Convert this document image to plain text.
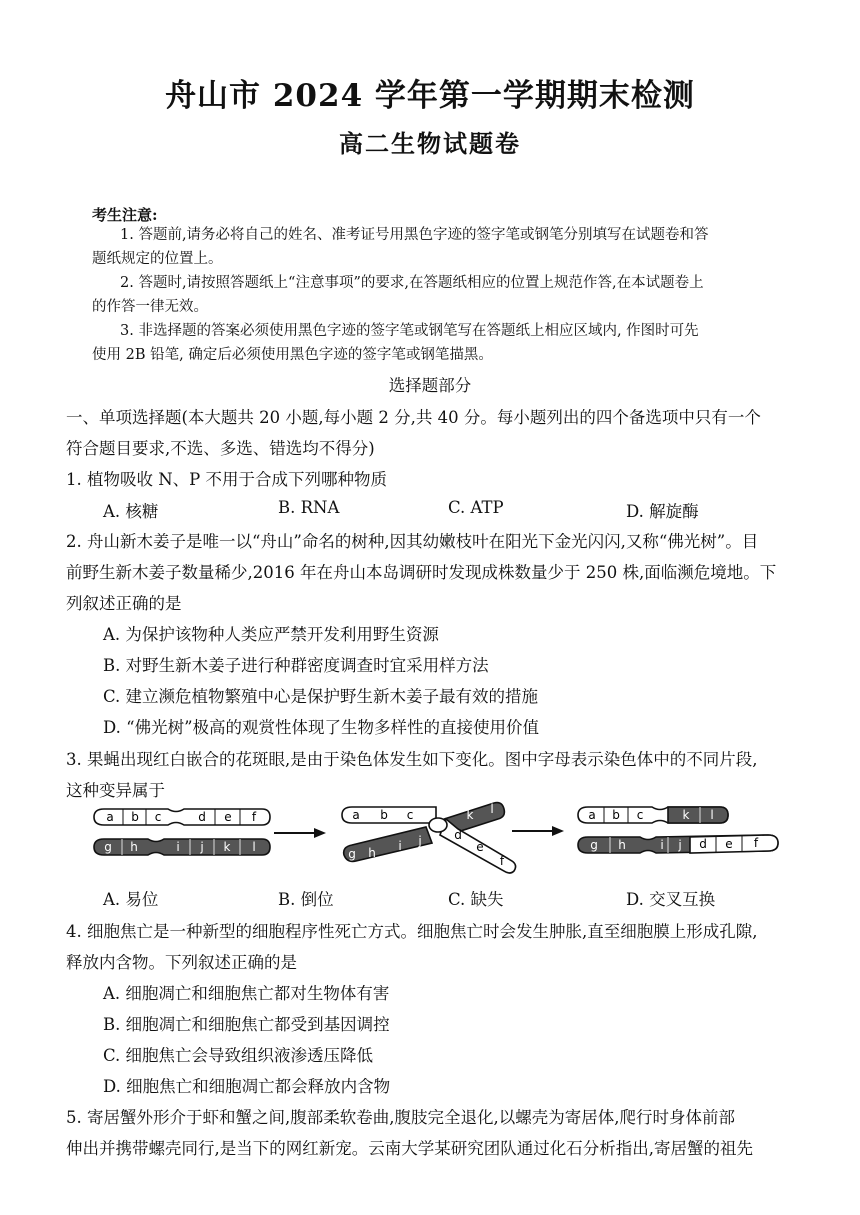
舟山市 2024 学年第一学期期末检测
高二生物试题卷
考生注意:
1. 答题前,请务必将自己的姓名、准考证号用黑色字迹的签字笔或钢笔分别填写在试题卷和答
题纸规定的位置上。
2. 答题时,请按照答题纸上“注意事项”的要求,在答题纸相应的位置上规范作答,在本试题卷上
的作答一律无效。
3. 非选择题的答案必须使用黑色字迹的签字笔或钢笔写在答题纸上相应区域内, 作图时可先
使用 2B 铅笔, 确定后必须使用黑色字迹的签字笔或钢笔描黑。
选择题部分
一、单项选择题(本大题共 20 小题,每小题 2 分,共 40 分。每小题列出的四个备选项中只有一个
符合题目要求,不选、多选、错选均不得分)
1. 植物吸收 N、P 不用于合成下列哪种物质
A. 核糖	B. RNA	C. ATP	D. 解旋酶
2. 舟山新木姜子是唯一以“舟山”命名的树种,因其幼嫩枝叶在阳光下金光闪闪,又称“佛光树”。目
前野生新木姜子数量稀少,2016 年在舟山本岛调研时发现成株数量少于 250 株,面临濒危境地。下
列叙述正确的是
A. 为保护该物种人类应严禁开发利用野生资源
B. 对野生新木姜子进行种群密度调查时宜采用样方法
C. 建立濒危植物繁殖中心是保护野生新木姜子最有效的措施
D. “佛光树”极高的观赏性体现了生物多样性的直接使用价值
3. 果蝇出现红白嵌合的花斑眼,是由于染色体发生如下变化。图中字母表示染色体中的不同片段,
这种变异属于
a b c	d e f
g h	i j k l
a b c
d
e
f
k l
g h i j
a b c	k l
g h	i j d e f
A. 易位	B. 倒位	C. 缺失	D. 交叉互换
4. 细胞焦亡是一种新型的细胞程序性死亡方式。细胞焦亡时会发生肿胀,直至细胞膜上形成孔隙,
释放内含物。下列叙述正确的是
A. 细胞凋亡和细胞焦亡都对生物体有害
B. 细胞凋亡和细胞焦亡都受到基因调控
C. 细胞焦亡会导致组织液渗透压降低
D. 细胞焦亡和细胞凋亡都会释放内含物
5. 寄居蟹外形介于虾和蟹之间,腹部柔软卷曲,腹肢完全退化,以螺壳为寄居体,爬行时身体前部
伸出并携带螺壳同行,是当下的网红新宠。云南大学某研究团队通过化石分析指出,寄居蟹的祖先
